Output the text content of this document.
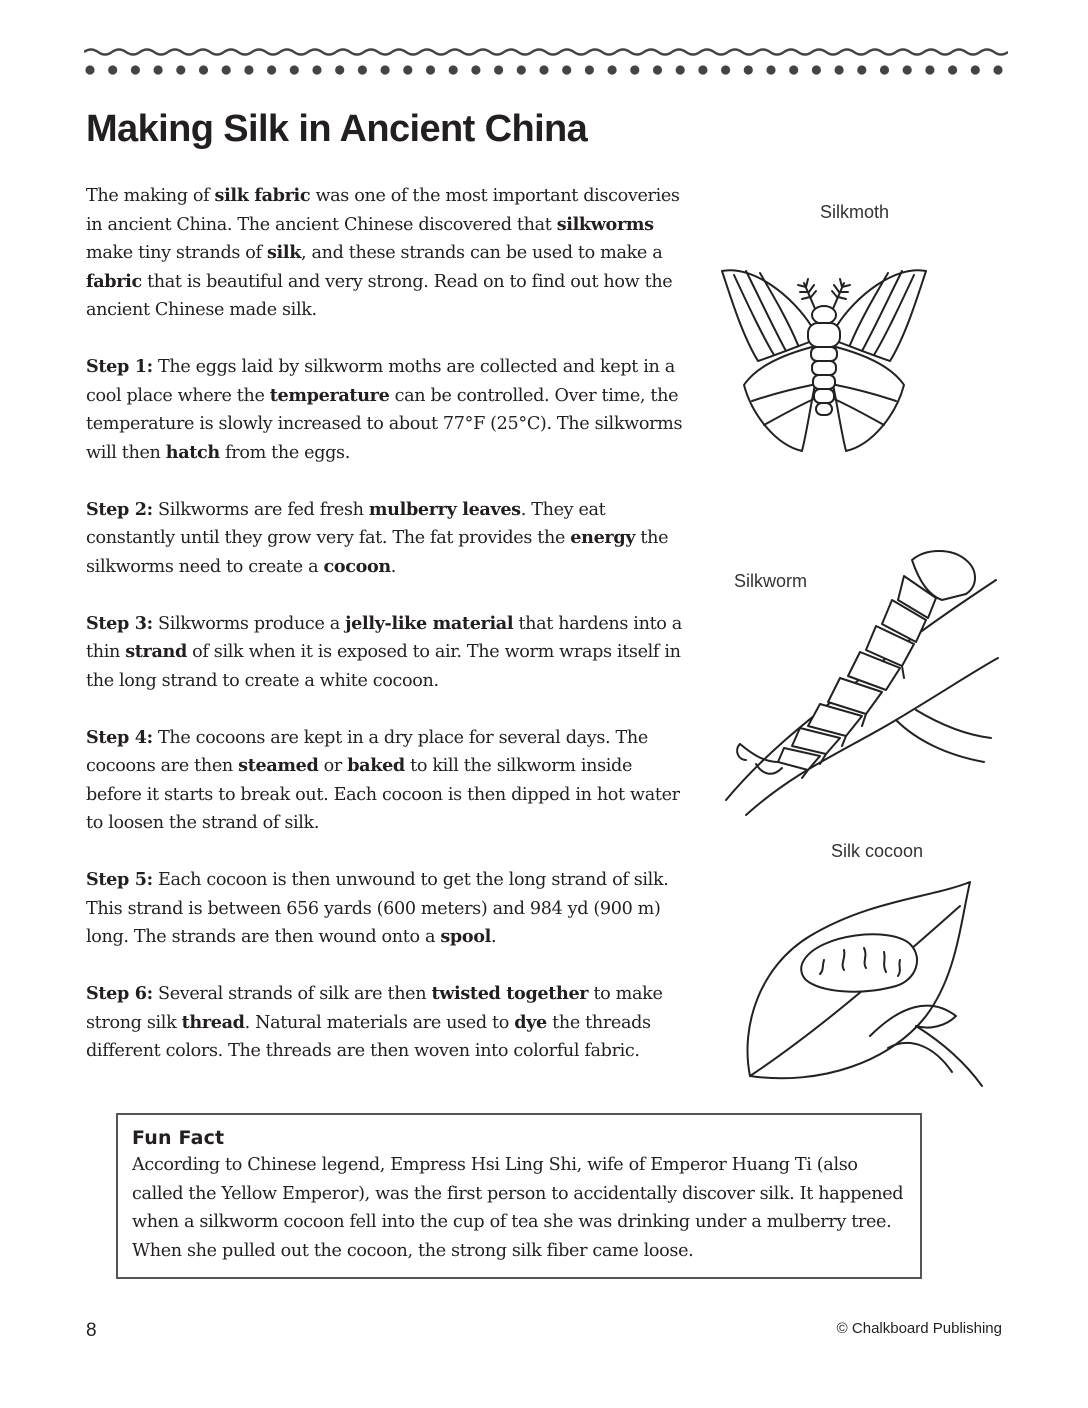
Making Silk in Ancient China

The making of silk fabric was one of the most important discoveries in ancient China. The ancient Chinese discovered that silkworms make tiny strands of silk, and these strands can be used to make a fabric that is beautiful and very strong. Read on to find out how the ancient Chinese made silk.

Step 1: The eggs laid by silkworm moths are collected and kept in a cool place where the temperature can be controlled. Over time, the temperature is slowly increased to about 77°F (25°C). The silkworms will then hatch from the eggs.

Step 2: Silkworms are fed fresh mulberry leaves. They eat constantly until they grow very fat. The fat provides the energy the silkworms need to create a cocoon.

Step 3: Silkworms produce a jelly-like material that hardens into a thin strand of silk when it is exposed to air. The worm wraps itself in the long strand to create a white cocoon.

Step 4: The cocoons are kept in a dry place for several days. The cocoons are then steamed or baked to kill the silkworm inside before it starts to break out. Each cocoon is then dipped in hot water to loosen the strand of silk.

Step 5: Each cocoon is then unwound to get the long strand of silk. This strand is between 656 yards (600 meters) and 984 yd (900 m) long. The strands are then wound onto a spool.

Step 6: Several strands of silk are then twisted together to make strong silk thread. Natural materials are used to dye the threads different colors. The threads are then woven into colorful fabric.

Silkmoth
Silkworm
Silk cocoon
Fun Fact

According to Chinese legend, Empress Hsi Ling Shi, wife of Emperor Huang Ti (also called the Yellow Emperor), was the first person to accidentally discover silk. It happened when a silkworm cocoon fell into the cup of tea she was drinking under a mulberry tree. When she pulled out the cocoon, the strong silk fiber came loose.

8	© Chalkboard Publishing
